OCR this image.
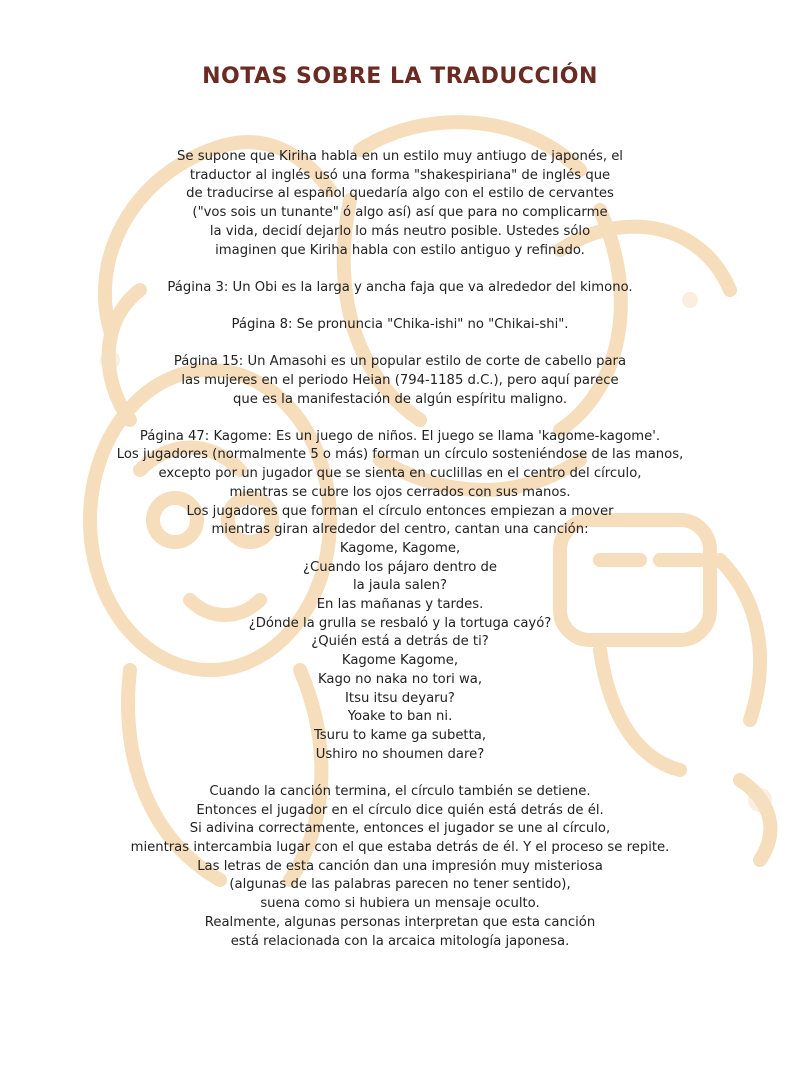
NOTAS SOBRE LA TRADUCCIÓN
Se supone que Kiriha habla en un estilo muy antiugo de japonés, el
traductor al inglés usó una forma "shakespiriana" de inglés que
de traducirse al español quedaría algo con el estilo de cervantes
("vos sois un tunante" ó algo así) así que para no complicarme
la vida, decidí dejarlo lo más neutro posible. Ustedes sólo
imaginen que Kiriha habla con estilo antiguo y refinado.
Página 3: Un Obi es la larga y ancha faja que va alrededor del kimono.
Página 8: Se pronuncia "Chika-ishi" no "Chikai-shi".
Página 15: Un Amasohi es un popular estilo de corte de cabello para
las mujeres en el periodo Heian (794-1185 d.C.), pero aquí parece
que es la manifestación de algún espíritu maligno.
Página 47: Kagome: Es un juego de niños. El juego se llama 'kagome-kagome'.
Los jugadores (normalmente 5 o más) forman un círculo sosteniéndose de las manos,
excepto por un jugador que se sienta en cuclillas en el centro del círculo,
mientras se cubre los ojos cerrados con sus manos.
Los jugadores que forman el círculo entonces empiezan a mover
mientras giran alrededor del centro, cantan una canción:
Kagome, Kagome,
¿Cuando los pájaro dentro de
la jaula salen?
En las mañanas y tardes.
¿Dónde la grulla se resbaló y la tortuga cayó?
¿Quién está a detrás de ti?
Kagome Kagome,
Kago no naka no tori wa,
Itsu itsu deyaru?
Yoake to ban ni.
Tsuru to kame ga subetta,
Ushiro no shoumen dare?
Cuando la canción termina, el círculo también se detiene.
Entonces el jugador en el círculo dice quién está detrás de él.
Si adivina correctamente, entonces el jugador se une al círculo,
mientras intercambia lugar con el que estaba detrás de él. Y el proceso se repite.
Las letras de esta canción dan una impresión muy misteriosa
(algunas de las palabras parecen no tener sentido),
suena como si hubiera un mensaje oculto.
Realmente, algunas personas interpretan que esta canción
está relacionada con la arcaica mitología japonesa.
